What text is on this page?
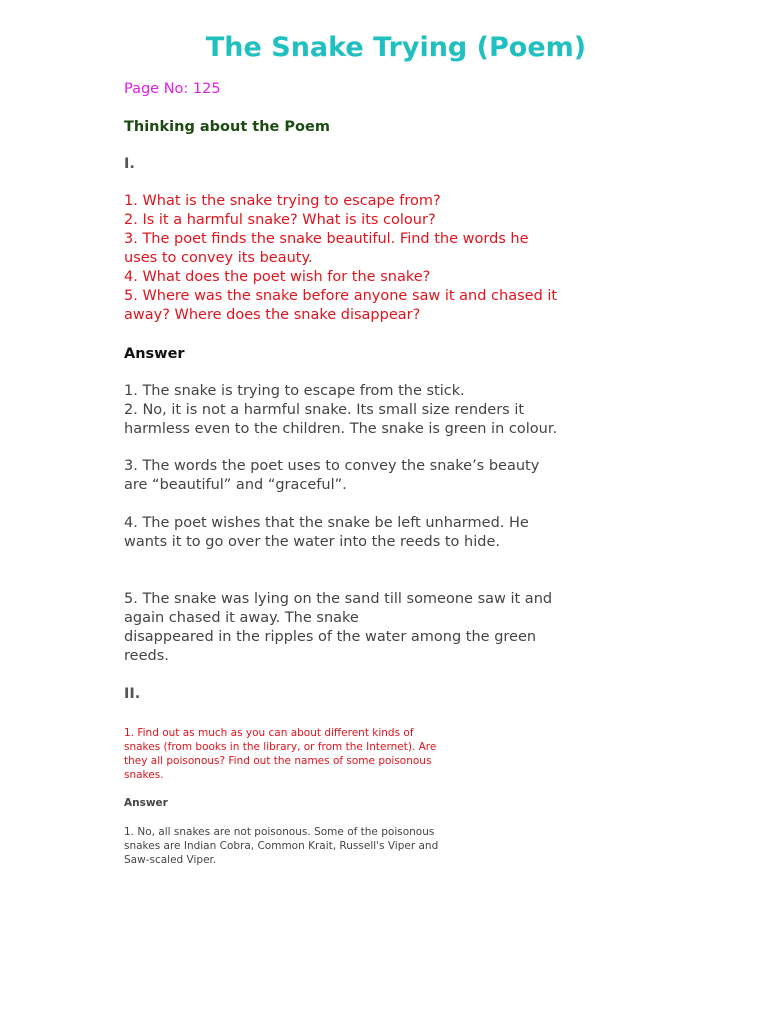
The Snake Trying (Poem)
Page No: 125
Thinking about the Poem
I.
1. What is the snake trying to escape from?
2. Is it a harmful snake? What is its colour?
3. The poet finds the snake beautiful. Find the words he
uses to convey its beauty.
4. What does the poet wish for the snake?
5. Where was the snake before anyone saw it and chased it
away? Where does the snake disappear?
Answer
1. The snake is trying to escape from the stick.
2. No, it is not a harmful snake. Its small size renders it
harmless even to the children. The snake is green in colour.
3. The words the poet uses to convey the snake’s beauty
are “beautiful” and “graceful”.
4. The poet wishes that the snake be left unharmed. He
wants it to go over the water into the reeds to hide.
5. The snake was lying on the sand till someone saw it and
again chased it away. The snake
disappeared in the ripples of the water among the green
reeds.
II.
1. Find out as much as you can about different kinds of
snakes (from books in the library, or from the Internet). Are
they all poisonous? Find out the names of some poisonous
snakes.
Answer
1. No, all snakes are not poisonous. Some of the poisonous
snakes are Indian Cobra, Common Krait, Russell's Viper and
Saw-scaled Viper.
